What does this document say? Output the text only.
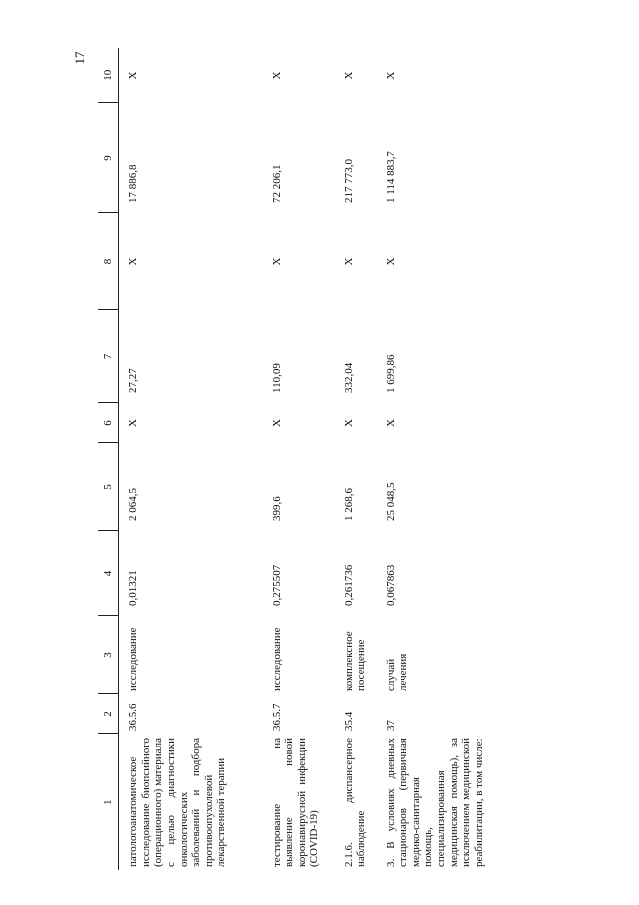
17
1	2	3	4	5	6	7	8	9	10
патологоанатомическое исследование биопсийного (операционного) материала с целью диагностики онкологических заболеваний и подбора противоопухолевой лекарственной терапии	36.5.6	исследование	0,01321	2 064,5	X	27,27	X	17 886,8	X
тестирование на выявление новой коронавирусной инфекции (COVID-19)	36.5.7	исследование	0,275507	399,6	X	110,09	X	72 206,1	X
2.1.6. диспансерное наблюдение	35.4	комплексное посещение	0,261736	1 268,6	X	332,04	X	217 773,0	X
3. В условиях дневных стационаров (первичная медико-санитарная помощь, специализированная медицинская помощь), за исключением медицинской реабилитации, в том числе:	37	случай лечения	0,067863	25 048,5	X	1 699,86	X	1 114 883,7	X
